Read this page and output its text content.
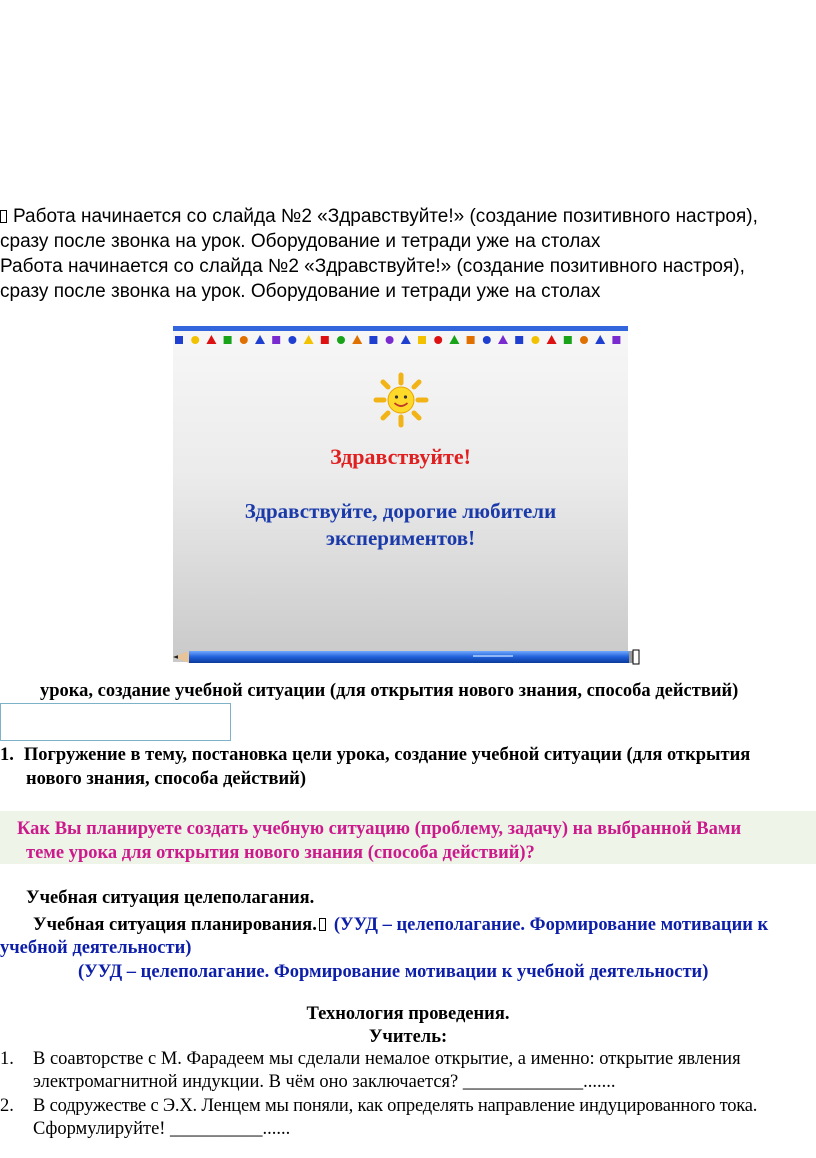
Работа начинается со слайда №2 «Здравствуйте!» (создание позитивного настроя),
сразу после звонка на урок. Оборудование и тетради уже на столах
Работа начинается со слайда №2 «Здравствуйте!» (создание позитивного настроя),
сразу после звонка на урок. Оборудование и тетради уже на столах
Здравствуйте!
Здравствуйте, дорогие любители
экспериментов!
урока, создание учебной ситуации (для открытия нового знания, способа действий)
1. Погружение в тему, постановка цели урока, создание учебной ситуации (для открытия
нового знания, способа действий)
Как Вы планируете создать учебную ситуацию (проблему, задачу) на выбранной Вами
теме урока для открытия нового знания (способа действий)?
Учебная ситуация целеполагания.
Учебная ситуация планирования. (УУД – целеполагание. Формирование мотивации к
учебной деятельности)
(УУД – целеполагание. Формирование мотивации к учебной деятельности)
Технология проведения.
Учитель:
1. В соавторстве с М. Фарадеем мы сделали немалое открытие, а именно: открытие явления
электромагнитной индукции. В чём оно заключается? _____________.......
2. В содружестве с Э.Х. Ленцем мы поняли, как определять направление индуцированного тока.
Сформулируйте! __________......
